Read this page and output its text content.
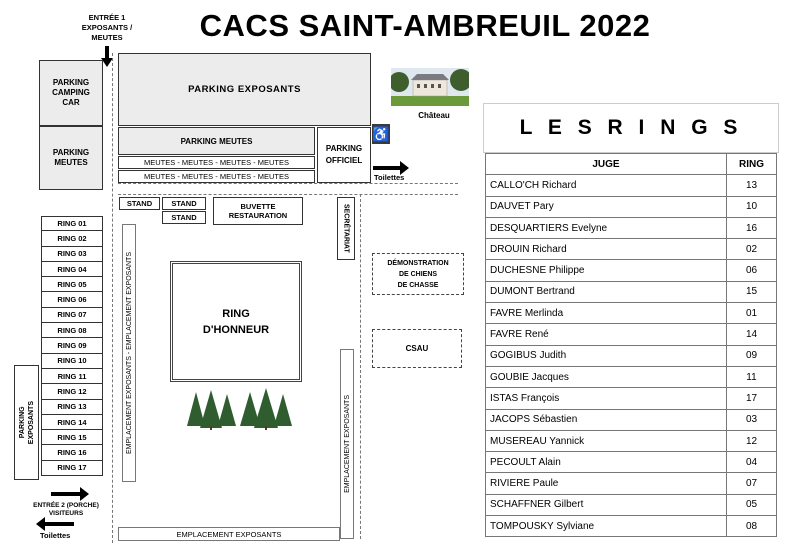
CACS SAINT-AMBREUIL 2022
ENTRÉE 1
EXPOSANTS /
MEUTES
PARKING
CAMPING
CAR
PARKING
MEUTES
PARKING EXPOSANTS
PARKING MEUTES
MEUTES - MEUTES - MEUTES - MEUTES
MEUTES - MEUTES - MEUTES - MEUTES
PARKING
OFFICIEL
♿
Château
Toilettes
STAND	STAND
STAND
BUVETTE
RESTAURATION	SECRÉTARIAT
EMPLACEMENT EXPOSANTS - EMPLACEMENT EXPOSANTS	RING
D'HONNEUR
DÉMONSTRATION
DE CHIENS
DE CHASSE
CSAU
EMPLACEMENT EXPOSANTS
EMPLACEMENT EXPOSANTS
RING 01
RING 02
RING 03
RING 04
RING 05
RING 06
RING 07
RING 08
RING 09
RING 10
RING 11
RING 12
RING 13
RING 14
RING 15
RING 16
RING 17
PARKING EXPOSANTS
ENTRÉE 2 (PORCHE)
VISITEURS
Toilettes
L E S R I N G S
JUGE	RING
CALLO'CH Richard	13
DAUVET Pary	10
DESQUARTIERS Evelyne	16
DROUIN Richard	02
DUCHESNE Philippe	06
DUMONT Bertrand	15
FAVRE Merlinda	01
FAVRE René	14
GOGIBUS Judith	09
GOUBIE Jacques	11
ISTAS François	17
JACOPS Sébastien	03
MUSEREAU Yannick	12
PECOULT Alain	04
RIVIERE Paule	07
SCHAFFNER Gilbert	05
TOMPOUSKY Sylviane	08
